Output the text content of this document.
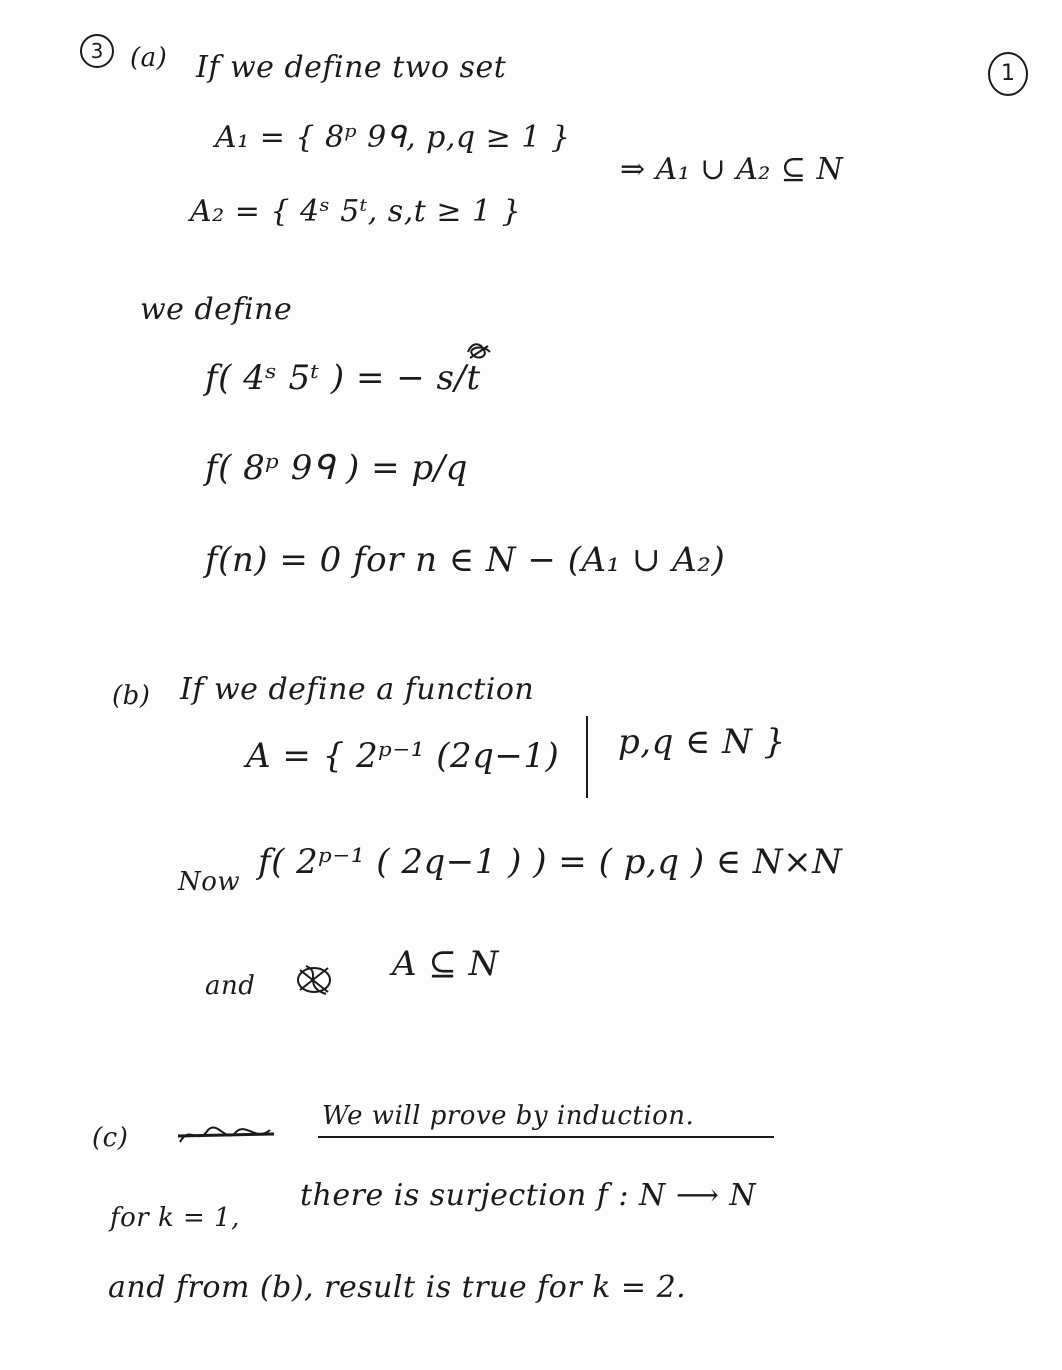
3
1
(a) If we define two set
A₁ = { 8ᵖ 9ᑫ, p,q ≥ 1 }
⇒ A₁ ∪ A₂ ⊆ N
A₂ = { 4ˢ 5ᵗ, s,t ≥ 1 }
we define
f( 4ˢ 5ᵗ ) = − s/t
f( 8ᵖ 9ᑫ ) = p/q
f(n) = 0 for n ∈ N − (A₁ ∪ A₂)
(b) If we define a function
A = { 2ᵖ⁻¹ (2q−1) p,q ∈ N }
Now f( 2ᵖ⁻¹ ( 2q−1 ) ) = ( p,q ) ∈ N×N
and
A ⊆ N
(c)
We will prove by induction.
for k = 1,
there is surjection f : N ⟶ N
and from (b), result is true for k = 2.
